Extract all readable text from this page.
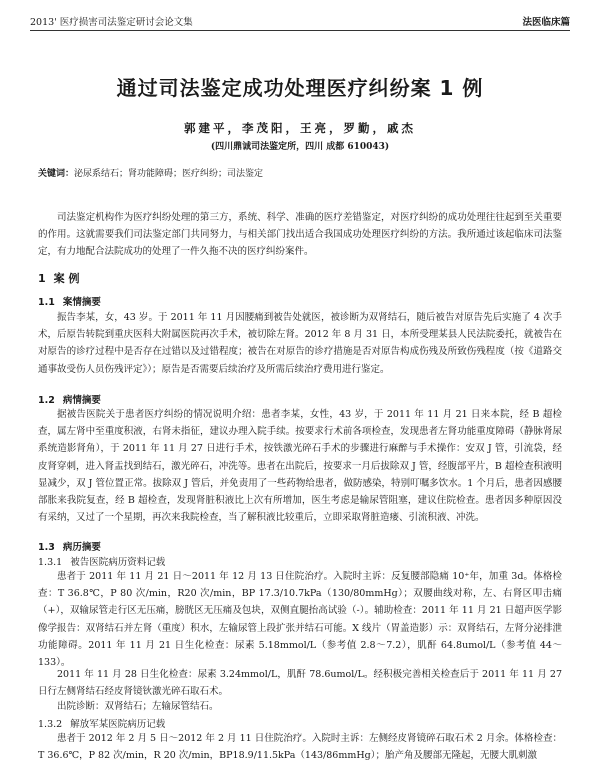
2013' 医疗损害司法鉴定研讨会论文集	法医临床篇
通过司法鉴定成功处理医疗纠纷案 1 例
郭建平，李茂阳，王亮，罗勤，戚杰
(四川鼎诚司法鉴定所，四川 成都 610043)
关键词：泌尿系结石；肾功能障碍；医疗纠纷；司法鉴定

司法鉴定机构作为医疗纠纷处理的第三方，系统、科学、准确的医疗差错鉴定，对医疗纠纷的成功处理往往起到至关重要的作用。这就需要我们司法鉴定部门共同努力，与相关部门找出适合我国成功处理医疗纠纷的方法。我所通过该起临床司法鉴定，有力地配合法院成功的处理了一件久拖不决的医疗纠纷案件。

1 案 例
1.1 案情摘要

振告李某，女，43 岁。于 2011 年 11 月因腰痛到被告处就医，被诊断为双肾结石，随后被告对原告先后实施了 4 次手术，后原告转院到重庆医科大附属医院再次手术，被切除左肾。2012 年 8 月 31 日，本所受理某县人民法院委托，就被告在对原告的诊疗过程中是否存在过错以及过错程度；被告在对原告的诊疗措施是否对原告构成伤残及所致伤残程度（按《道路交通事故受伤人员伤残评定》）；原告是否需要后续治疗及所需后续治疗费用进行鉴定。

1.2 病情摘要

据被告医院关于患者医疗纠纷的情况说明介绍：患者李某，女性，43 岁，于 2011 年 11 月 21 日来本院，经 B 超检查，属左肾中至重度积液，右肾未指征，建议办理入院手续。按要求行术前各项检查，发现患者左肾功能重度障碍（静脉肾尿系统造影肾角），于 2011 年 11 月 27 日进行手术，按铁激光碎石手术的步骤进行麻醉与手术操作：安双 J 管，引流袋，经皮肾穿刺，进入肾盂找到结石，激光碎石，冲洗等。患者在出院后，按要求一月后拔除双 J 管，经腹部平片，B 超检查积液明显减少，双 J 管位置正常。拔除双 J 管后，并免责用了一些药物给患者，做防感染，特别叮嘱多饮水。1 个月后，患者因感腰部胀来我院复查，经 B 超检查，发现肾脏积液比上次有所增加，医生考虑是输尿管阻塞，建议住院检查。患者因多种原因没有采纳，又过了一个星期，再次来我院检查，当了解积液比较重后，立即采取肾脏造瘘、引流积液、冲洗。

1.3 病历摘要
1.3.1 被告医院病历资料记载

患者于 2011 年 11 月 21 日～2011 年 12 月 13 日住院治疗。入院时主诉：反复腰部隐痛 10⁺年，加重 3d。体格检查：T 36.8℃，P 80 次/min，R20 次/min，BP 17.3/10.7kPa（130/80mmHg）；双腰曲线对称，左、右肾区叩击痛（+），双输尿管走行区无压痛，膀胱区无压痛及包块，双侧直腿抬高试验（-）。辅助检查：2011 年 11 月 21 日超声医学影像学报告：双肾结石并左肾（重度）积水，左输尿管上段扩张并结石可能。X 线片（胃盖造影）示：双肾结石，左肾分泌排泄功能障碍。2011 年 11 月 21 日生化检查：尿素 5.18mmol/L（参考值 2.8～7.2），肌酐 64.8umol/L（参考值 44～133）。

2011 年 11 月 28 日生化检查：尿素 3.24mmol/L，肌酐 78.6umol/L。经积极完善相关检查后于 2011 年 11 月 27 日行左侧肾结石经皮肾镜钬激光碎石取石术。

出院诊断：双肾结石；左输尿管结石。

1.3.2 解放军某医院病历记载

患者于 2012 年 2 月 5 日～2012 年 2 月 11 日住院治疗。入院时主诉：左侧经皮肾镜碎石取石术 2 月余。体格检查：T 36.6℃，P 82 次/min，R 20 次/min，BP18.9/11.5kPa（143/86mmHg）；胎产角及腰部无隆起，无腰大肌刺激
